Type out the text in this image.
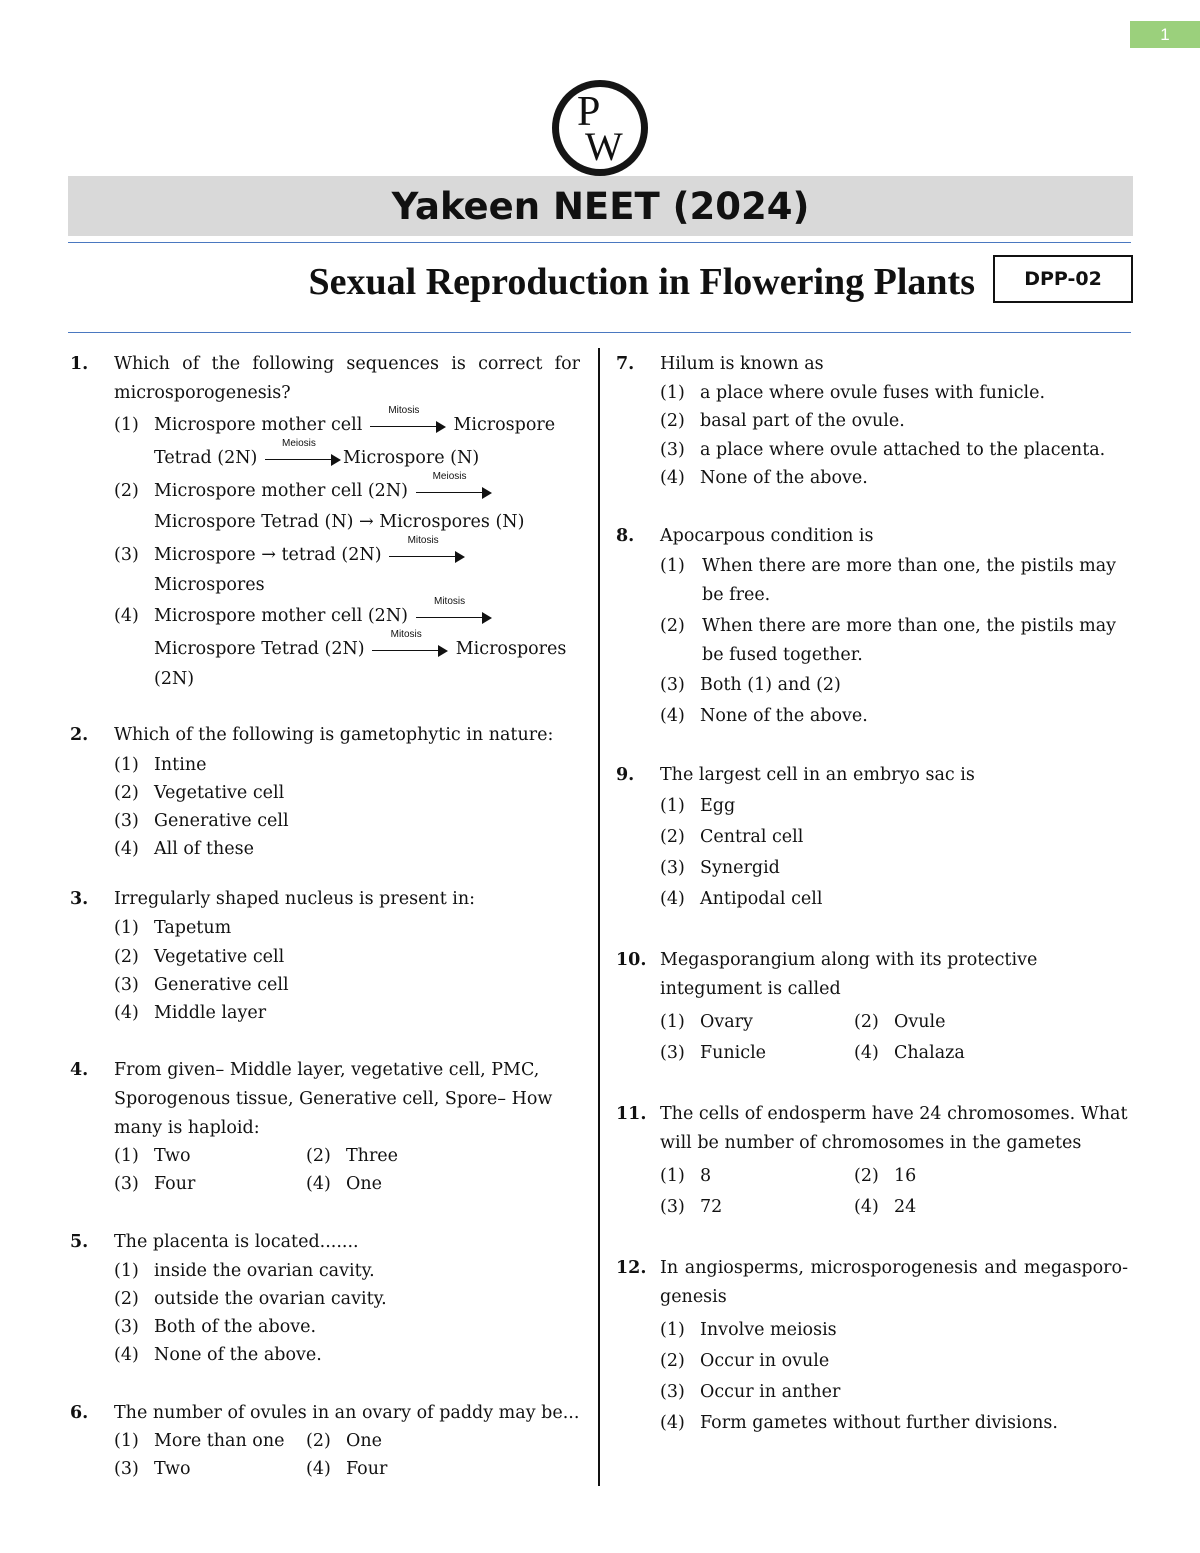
1
P
W
Yakeen NEET (2024)
Sexual Reproduction in Flowering Plants	DPP-02
1. Which of the following sequences is correct for microsporogenesis?
(1) Microspore mother cell
Mitosis
Microspore
Tetrad (2N)
Meiosis
Microspore (N)
(2) Microspore mother cell (2N)
Meiosis
Microspore Tetrad (N) → Microspores (N)
(3) Microspore → tetrad (2N)
Mitosis
Microspores
(4) Microspore mother cell (2N)
Mitosis
Microspore Tetrad (2N)
Mitosis
Microspores
(2N)
2. Which of the following is gametophytic in nature:
(1) Intine
(2) Vegetative cell
(3) Generative cell
(4) All of these
3. Irregularly shaped nucleus is present in:
(1) Tapetum
(2) Vegetative cell
(3) Generative cell
(4) Middle layer
4. From given– Middle layer, vegetative cell, PMC, Sporogenous tissue, Generative cell, Spore– How many is haploid:
(1) Two	(2) Three
(3) Four	(4) One
5. The placenta is located.......
(1) inside the ovarian cavity.
(2) outside the ovarian cavity.
(3) Both of the above.
(4) None of the above.
6. The number of ovules in an ovary of paddy may be...
(1) More than one (2) One
(3) Two	(4) Four
7. Hilum is known as
(1) a place where ovule fuses with funicle.
(2) basal part of the ovule.
(3) a place where ovule attached to the placenta.
(4) None of the above.
8. Apocarpous condition is
(1) When there are more than one, the pistils may be free.
(2) When there are more than one, the pistils may be fused together.
(3) Both (1) and (2)
(4) None of the above.
9. The largest cell in an embryo sac is
(1) Egg
(2) Central cell
(3) Synergid
(4) Antipodal cell
10. Megasporangium along with its protective integument is called
(1) Ovary	(2) Ovule
(3) Funicle	(4) Chalaza
11. The cells of endosperm have 24 chromosomes. What will be number of chromosomes in the gametes
(1) 8	(2) 16
(3) 72	(4) 24
12. In angiosperms, microsporogenesis and megasporo-genesis
(1) Involve meiosis
(2) Occur in ovule
(3) Occur in anther
(4) Form gametes without further divisions.
